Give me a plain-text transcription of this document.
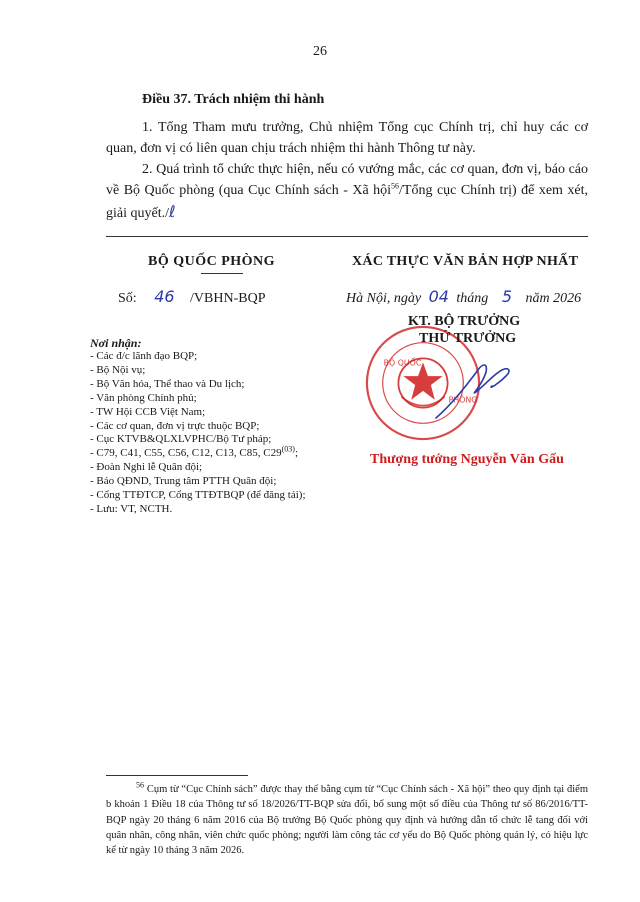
26
Điều 37. Trách nhiệm thi hành
1. Tổng Tham mưu trưởng, Chủ nhiệm Tổng cục Chính trị, chỉ huy các cơ quan, đơn vị có liên quan chịu trách nhiệm thi hành Thông tư này.
2. Quá trình tổ chức thực hiện, nếu có vướng mắc, các cơ quan, đơn vị, báo cáo về Bộ Quốc phòng (qua Cục Chính sách - Xã hội$^{56}$/Tổng cục Chính trị) để xem xét, giải quyết./ℓ
BỘ QUỐC PHÒNG	XÁC THỰC VĂN BẢN HỢP NHẤT
Số: 46 /VBHN-BQP	Hà Nội, ngày 04 tháng 5 năm 2026
BỘ QUỐC
PHÒNG
KT. BỘ TRƯỞNG
THỨ TRƯỞNG
Thượng tướng Nguyễn Văn Gấu
Nơi nhận:
- Các đ/c lãnh đạo BQP;
- Bộ Nội vụ;
- Bộ Văn hóa, Thể thao và Du lịch;
- Văn phòng Chính phủ;
- TW Hội CCB Việt Nam;
- Các cơ quan, đơn vị trực thuộc BQP;
- Cục KTVB&QLXLVPHC/Bộ Tư pháp;
- C79, C41, C55, C56, C12, C13, C85, C29$^{(03)}$;
- Đoàn Nghi lễ Quân đội;
- Báo QĐND, Trung tâm PTTH Quân đội;
- Cổng TTĐTCP, Cổng TTĐTBQP (để đăng tải);
- Lưu: VT, NCTH.
$^{56}$ Cụm từ “Cục Chính sách” được thay thế bằng cụm từ “Cục Chính sách - Xã hội” theo quy định tại điểm b khoản 1 Điều 18 của Thông tư số 18/2026/TT-BQP sửa đổi, bổ sung một số điều của Thông tư số 86/2016/TT-BQP ngày 20 tháng 6 năm 2016 của Bộ trưởng Bộ Quốc phòng quy định và hướng dẫn tổ chức lễ tang đối với quân nhân, công nhân, viên chức quốc phòng; người làm công tác cơ yếu do Bộ Quốc phòng quản lý, có hiệu lực kể từ ngày 10 tháng 3 năm 2026.
